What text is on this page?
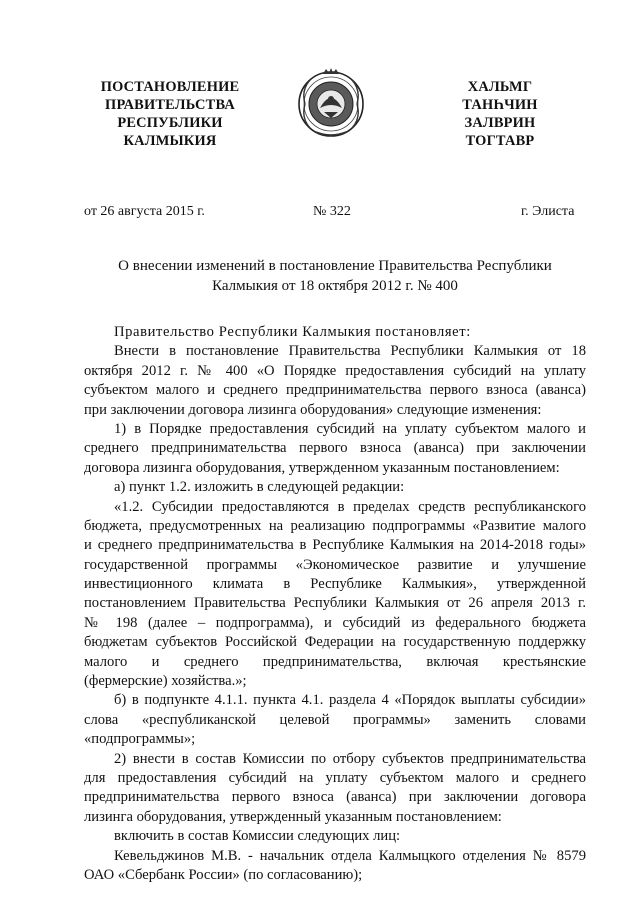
ПОСТАНОВЛЕНИЕ
ПРАВИТЕЛЬСТВА
РЕСПУБЛИКИ
КАЛМЫКИЯ
ХАЛЬМГ
ТАНҺЧИН
ЗАЛВРИН
ТОГТАВР
от 26 августа 2015 г.	№ 322	г. Элиста
О внесении изменений в постановление Правительства Республики
Калмыкия от 18 октября 2012 г. № 400
Правительство Республики Калмыкия постановляет:
Внести в постановление Правительства Республики Калмыкия от 18
октября 2012 г. № 400 «О Порядке предоставления субсидий на уплату
субъектом малого и среднего предпринимательства первого взноса (аванса)
при заключении договора лизинга оборудования» следующие изменения:
1) в Порядке предоставления субсидий на уплату субъектом малого и
среднего предпринимательства первого взноса (аванса) при заключении
договора лизинга оборудования, утвержденном указанным постановлением:
а) пункт 1.2. изложить в следующей редакции:
«1.2. Субсидии предоставляются в пределах средств республиканского
бюджета, предусмотренных на реализацию подпрограммы «Развитие малого
и среднего предпринимательства в Республике Калмыкия на 2014-2018 годы»
государственной программы «Экономическое развитие и улучшение
инвестиционного климата в Республике Калмыкия», утвержденной
постановлением Правительства Республики Калмыкия от 26 апреля 2013 г.
№ 198 (далее – подпрограмма), и субсидий из федерального бюджета
бюджетам субъектов Российской Федерации на государственную поддержку
малого и среднего предпринимательства, включая крестьянские
(фермерские) хозяйства.»;
б) в подпункте 4.1.1. пункта 4.1. раздела 4 «Порядок выплаты субсидии»
слова «республиканской целевой программы» заменить словами
«подпрограммы»;
2) внести в состав Комиссии по отбору субъектов предпринимательства
для предоставления субсидий на уплату субъектом малого и среднего
предпринимательства первого взноса (аванса) при заключении договора
лизинга оборудования, утвержденный указанным постановлением:
включить в состав Комиссии следующих лиц:
Кевельджинов М.В. - начальник отдела Калмыцкого отделения № 8579
ОАО «Сбербанк России» (по согласованию);
